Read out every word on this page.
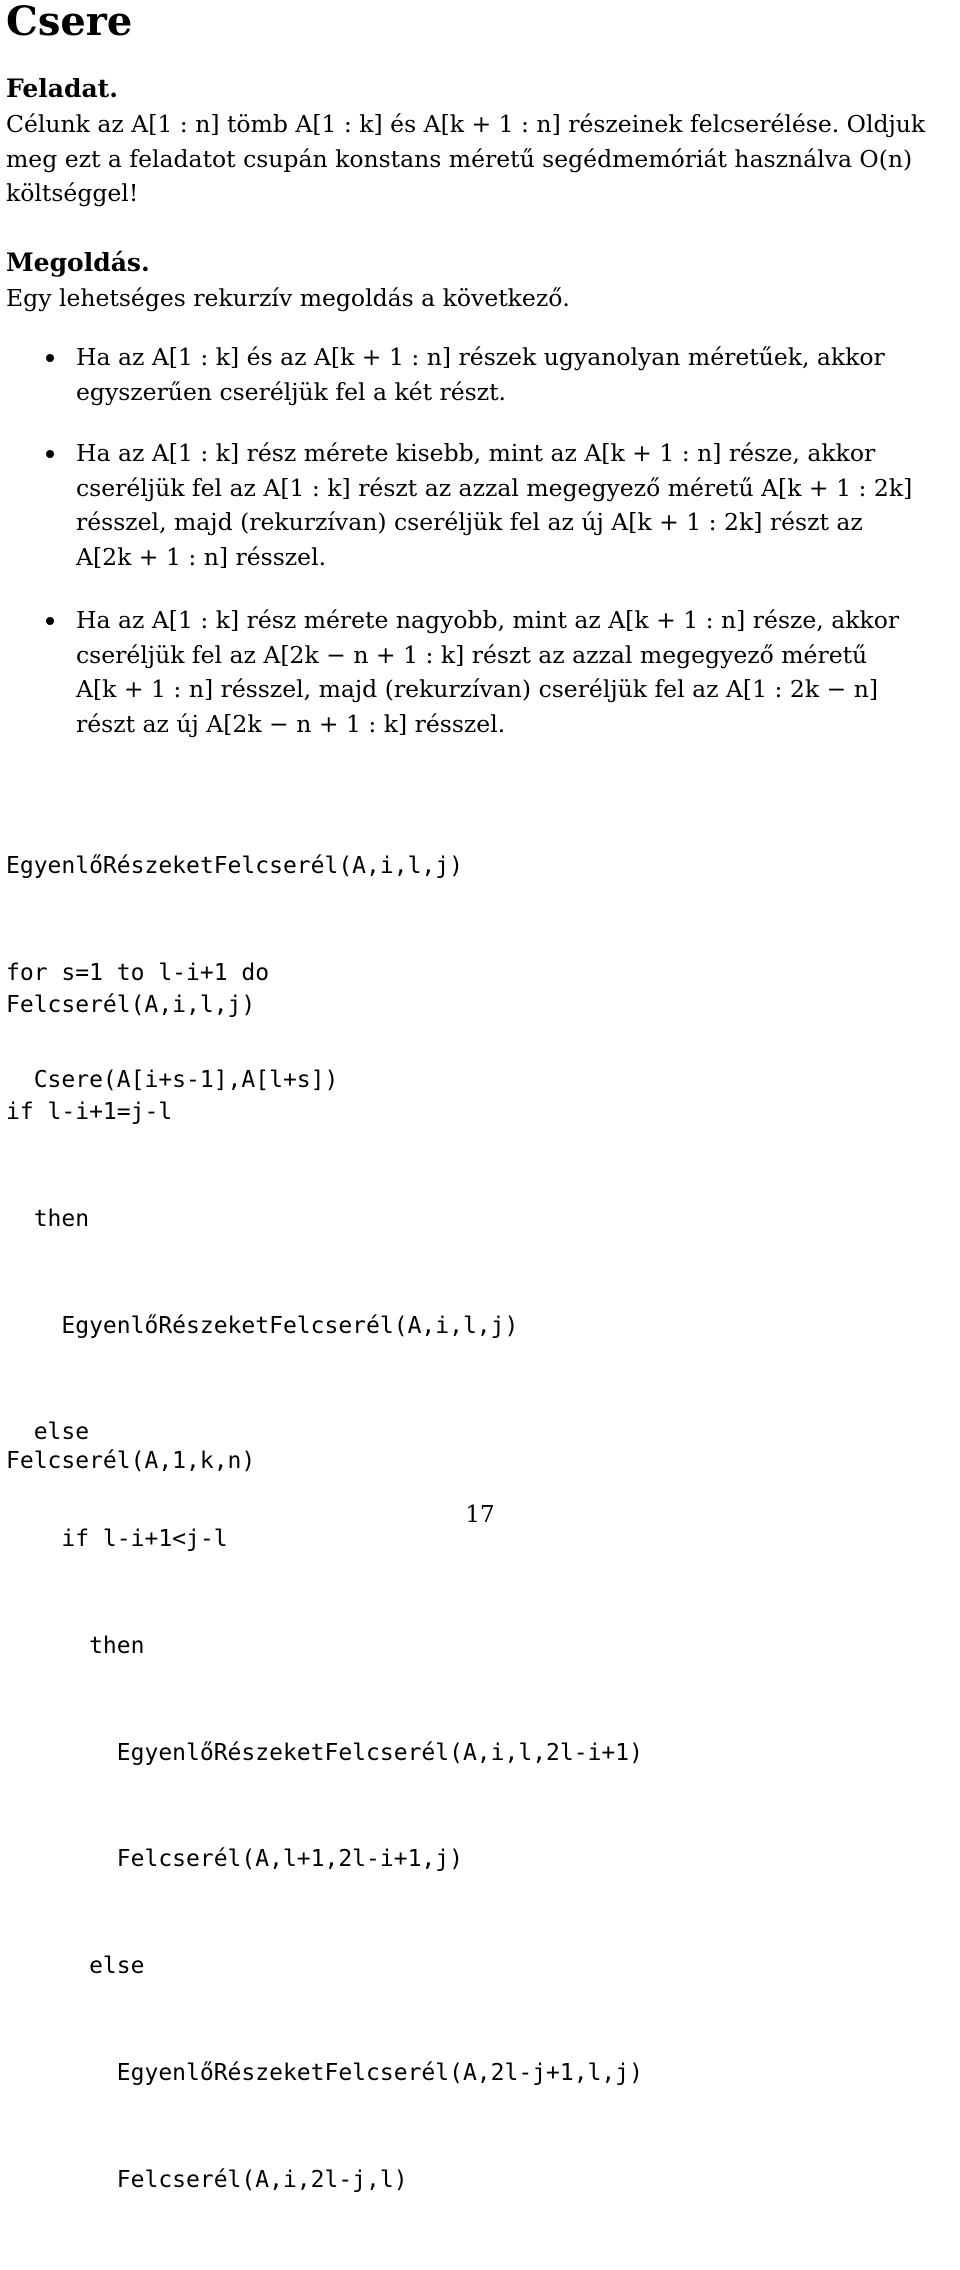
Csere
Feladat.
Célunk az A[1 : n] tömb A[1 : k] és A[k + 1 : n] részeinek felcserélése. Oldjuk
meg ezt a feladatot csupán konstans méretű segédmemóriát használva O(n)
költséggel!
Megoldás.
Egy lehetséges rekurzív megoldás a következő.
Ha az A[1 : k] és az A[k + 1 : n] részek ugyanolyan méretűek, akkor
egyszerűen cseréljük fel a két részt.
Ha az A[1 : k] rész mérete kisebb, mint az A[k + 1 : n] része, akkor
cseréljük fel az A[1 : k] részt az azzal megegyező méretű A[k + 1 : 2k]
résszel, majd (rekurzívan) cseréljük fel az új A[k + 1 : 2k] részt az
A[2k + 1 : n] résszel.
Ha az A[1 : k] rész mérete nagyobb, mint az A[k + 1 : n] része, akkor
cseréljük fel az A[2k − n + 1 : k] részt az azzal megegyező méretű
A[k + 1 : n] résszel, majd (rekurzívan) cseréljük fel az A[1 : 2k − n]
részt az új A[2k − n + 1 : k] résszel.

EgyenlőRészeketFelcserél(A,i,l,j)

for s=1 to l-i+1 do

Csere(A[i+s-1],A[l+s])

Felcserél(A,i,l,j)

if l-i+1=j-l

then

EgyenlőRészeketFelcserél(A,i,l,j)

else

if l-i+1<j-l

then

EgyenlőRészeketFelcserél(A,i,l,2l-i+1)

Felcserél(A,l+1,2l-i+1,j)

else

EgyenlőRészeketFelcserél(A,2l-j+1,l,j)

Felcserél(A,i,2l-j,l)

Felcserél(A,1,k,n)

17
